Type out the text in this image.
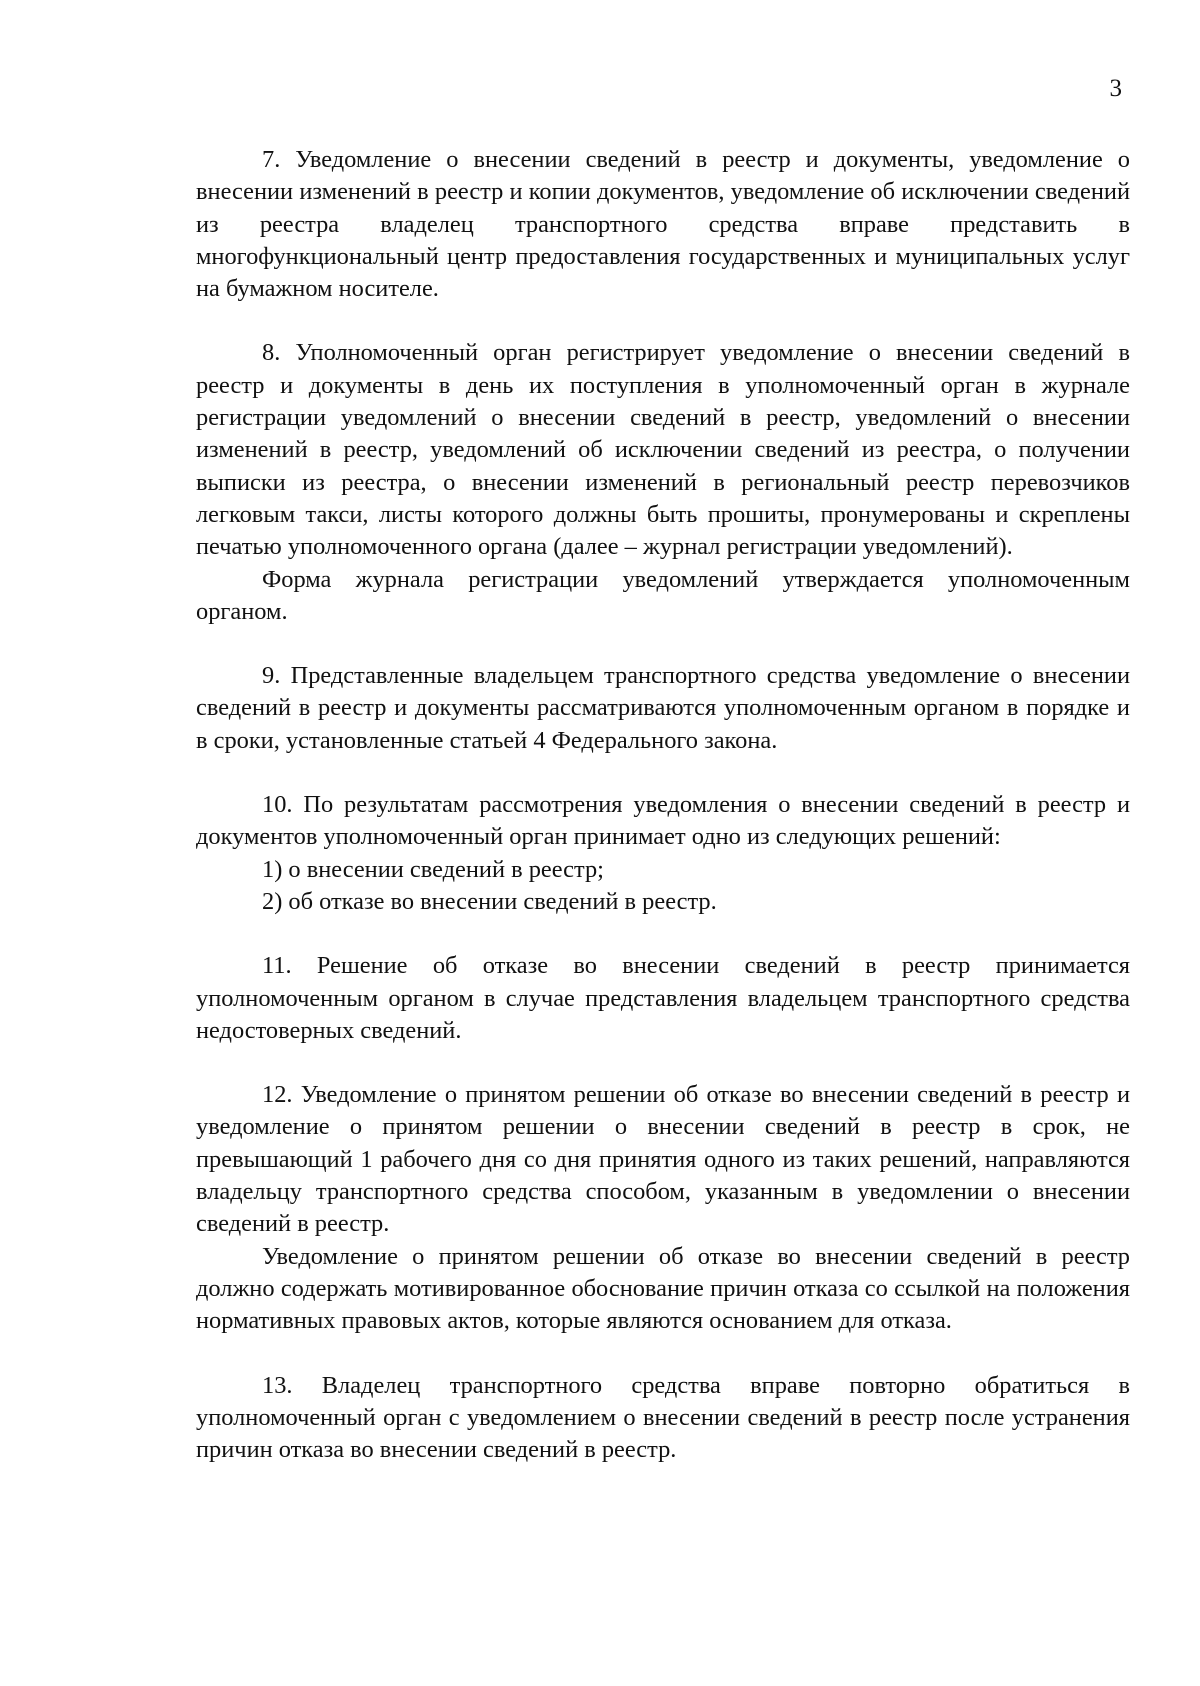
3

7. Уведомление о внесении сведений в реестр и документы, уведомление о внесении изменений в реестр и копии документов, уведомление об исключении сведений из реестра владелец транспортного средства вправе представить в многофункциональный центр предоставления государственных и муниципальных услуг на бумажном носителе.

8. Уполномоченный орган регистрирует уведомление о внесении сведений в реестр и документы в день их поступления в уполномоченный орган в журнале регистрации уведомлений о внесении сведений в реестр, уведомлений о внесении изменений в реестр, уведомлений об исключении сведений из реестра, о получении выписки из реестра, о внесении изменений в региональный реестр перевозчиков легковым такси, листы которого должны быть прошиты, пронумерованы и скреплены печатью уполномоченного органа (далее – журнал регистрации уведомлений).

Форма журнала регистрации уведомлений утверждается уполномоченным органом.

9. Представленные владельцем транспортного средства уведомление о внесении сведений в реестр и документы рассматриваются уполномоченным органом в порядке и в сроки, установленные статьей 4 Федерального закона.

10. По результатам рассмотрения уведомления о внесении сведений в реестр и документов уполномоченный орган принимает одно из следующих решений:

1) о внесении сведений в реестр;

2) об отказе во внесении сведений в реестр.

11. Решение об отказе во внесении сведений в реестр принимается уполномоченным органом в случае представления владельцем транспортного средства недостоверных сведений.

12. Уведомление о принятом решении об отказе во внесении сведений в реестр и уведомление о принятом решении о внесении сведений в реестр в срок, не превышающий 1 рабочего дня со дня принятия одного из таких решений, направляются владельцу транспортного средства способом, указанным в уведомлении о внесении сведений в реестр.

Уведомление о принятом решении об отказе во внесении сведений в реестр должно содержать мотивированное обоснование причин отказа со ссылкой на положения нормативных правовых актов, которые являются основанием для отказа.

13. Владелец транспортного средства вправе повторно обратиться в уполномоченный орган с уведомлением о внесении сведений в реестр после устранения причин отказа во внесении сведений в реестр.
